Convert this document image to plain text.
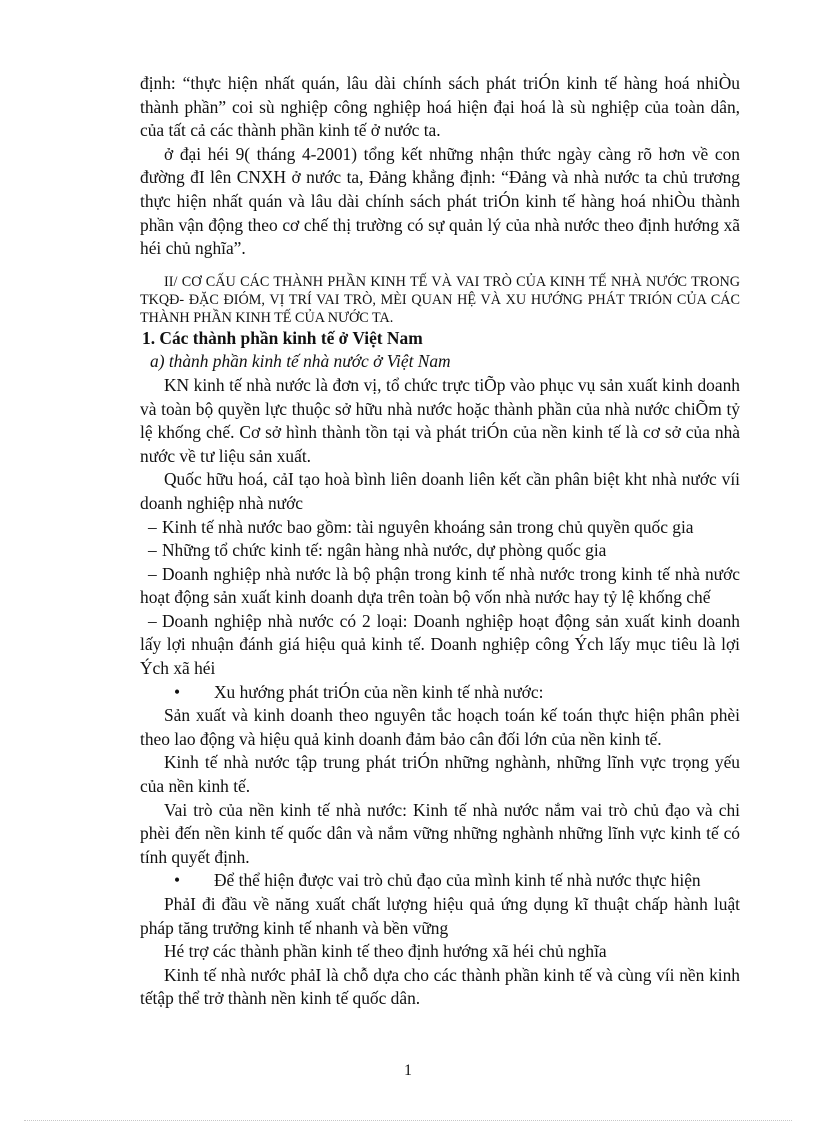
định: “thực hiện nhất quán, lâu dài chính sách phát triÓn kinh tế hàng hoá nhiÒu thành phần” coi sù nghiệp công nghiệp hoá hiện đại hoá là sù nghiệp của toàn dân, của tất cả các thành phần kinh tế ở nước ta.

ở đại héi 9( tháng 4-2001) tổng kết những nhận thức ngày càng rõ hơn về con đường đI lên CNXH ở nước ta, Đảng khẳng định: “Đảng và nhà nước ta chủ trương thực hiện nhất quán và lâu dài chính sách phát triÓn kinh tế hàng hoá nhiÒu thành phần vận động theo cơ chế thị trường có sự quản lý của nhà nước theo định hướng xã héi chủ nghĩa”.

II/ CƠ CẤU CÁC THÀNH PHẦN KINH TẾ VÀ VAI TRÒ CỦA KINH TẾ NHÀ NƯỚC TRONG TKQĐ- ĐẶC ĐIÓM, VỊ TRÍ VAI TRÒ, MÈI QUAN HỆ VÀ XU HƯỚNG PHÁT TRIÓN CỦA CÁC THÀNH PHẦN KINH TẾ CỦA NƯỚC TA.

1. Các thành phần kinh tế ở Việt Nam

a) thành phần kinh tế nhà nước ở Việt Nam

KN kinh tế nhà nước là đơn vị, tổ chức trực tiÕp vào phục vụ sản xuất kinh doanh và toàn bộ quyền lực thuộc sở hữu nhà nước hoặc thành phần của nhà nước chiÕm tỷ lệ khống chế. Cơ sở hình thành tồn tại và phát triÓn của nền kinh tế là cơ sở của nhà nước về tư liệu sản xuất.

Quốc hữu hoá, cảI tạo hoà bình liên doanh liên kết cần phân biệt kht nhà nước víi doanh nghiệp nhà nước

– Kinh tế nhà nước bao gồm: tài nguyên khoáng sản trong chủ quyền quốc gia

– Những tổ chức kinh tế: ngân hàng nhà nước, dự phòng quốc gia

– Doanh nghiệp nhà nước là bộ phận trong kinh tế nhà nước trong kinh tế nhà nước hoạt động sản xuất kinh doanh dựa trên toàn bộ vốn nhà nước hay tỷ lệ khống chế

– Doanh nghiệp nhà nước có 2 loại: Doanh nghiệp hoạt động sản xuất kinh doanh lấy lợi nhuận đánh giá hiệu quả kinh tế. Doanh nghiệp công Ých lấy mục tiêu là lợi Ých xã héi

• Xu hướng phát triÓn của nền kinh tế nhà nước:

Sản xuất và kinh doanh theo nguyên tắc hoạch toán kế toán thực hiện phân phèi theo lao động và hiệu quả kinh doanh đảm bảo cân đối lớn của nền kinh tế.

Kinh tế nhà nước tập trung phát triÓn những nghành, những lĩnh vực trọng yếu của nền kinh tế.

Vai trò của nền kinh tế nhà nước: Kinh tế nhà nước nắm vai trò chủ đạo và chi phèi đến nền kinh tế quốc dân và nắm vững những nghành những lĩnh vực kinh tế có tính quyết định.

• Để thể hiện được vai trò chủ đạo của mình kinh tế nhà nước thực hiện

PhảI đi đầu về năng xuất chất lượng hiệu quả ứng dụng kĩ thuật chấp hành luật pháp tăng trưởng kinh tế nhanh và bền vững

Hé trợ các thành phần kinh tế theo định hướng xã héi chủ nghĩa

Kinh tế nhà nước phảI là chỗ dựa cho các thành phần kinh tế và cùng víi nền kinh tếtập thể trở thành nền kinh tế quốc dân.

1
